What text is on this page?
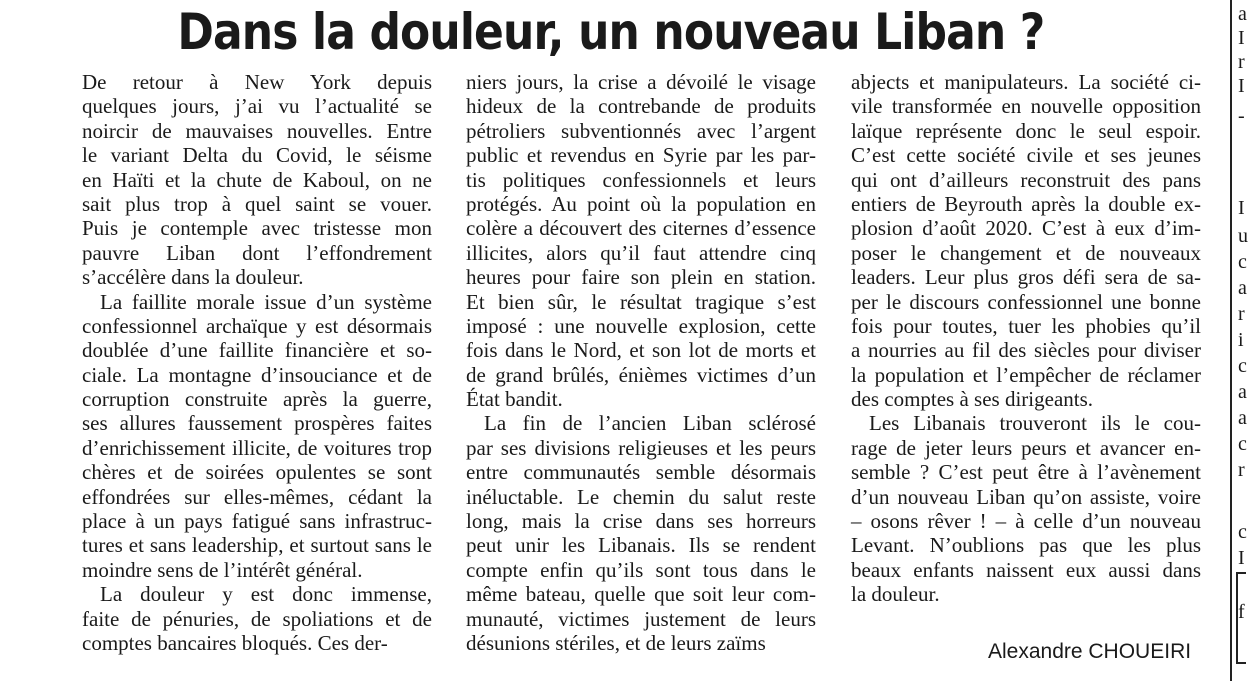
Dans la douleur, un nouveau Liban ?
De retour à New York depuis
quelques jours, j’ai vu l’actualité se
noircir de mauvaises nouvelles. Entre
le variant Delta du Covid, le séisme
en Haïti et la chute de Kaboul, on ne
sait plus trop à quel saint se vouer.
Puis je contemple avec tristesse mon
pauvre Liban dont l’effondrement
s’accélère dans la douleur.
La faillite morale issue d’un système
confessionnel archaïque y est désormais
doublée d’une faillite financière et so-
ciale. La montagne d’insouciance et de
corruption construite après la guerre,
ses allures faussement prospères faites
d’enrichissement illicite, de voitures trop
chères et de soirées opulentes se sont
effondrées sur elles-mêmes, cédant la
place à un pays fatigué sans infrastruc-
tures et sans leadership, et surtout sans le
moindre sens de l’intérêt général.
La douleur y est donc immense,
faite de pénuries, de spoliations et de
comptes bancaires bloqués. Ces der-
niers jours, la crise a dévoilé le visage
hideux de la contrebande de produits
pétroliers subventionnés avec l’argent
public et revendus en Syrie par les par-
tis politiques confessionnels et leurs
protégés. Au point où la population en
colère a découvert des citernes d’essence
illicites, alors qu’il faut attendre cinq
heures pour faire son plein en station.
Et bien sûr, le résultat tragique s’est
imposé : une nouvelle explosion, cette
fois dans le Nord, et son lot de morts et
de grand brûlés, énièmes victimes d’un
État bandit.
La fin de l’ancien Liban sclérosé
par ses divisions religieuses et les peurs
entre communautés semble désormais
inéluctable. Le chemin du salut reste
long, mais la crise dans ses horreurs
peut unir les Libanais. Ils se rendent
compte enfin qu’ils sont tous dans le
même bateau, quelle que soit leur com-
munauté, victimes justement de leurs
désunions stériles, et de leurs zaïms
abjects et manipulateurs. La société ci-
vile transformée en nouvelle opposition
laïque représente donc le seul espoir.
C’est cette société civile et ses jeunes
qui ont d’ailleurs reconstruit des pans
entiers de Beyrouth après la double ex-
plosion d’août 2020. C’est à eux d’im-
poser le changement et de nouveaux
leaders. Leur plus gros défi sera de sa-
per le discours confessionnel une bonne
fois pour toutes, tuer les phobies qu’il
a nourries au fil des siècles pour diviser
la population et l’empêcher de réclamer
des comptes à ses dirigeants.
Les Libanais trouveront ils le cou-
rage de jeter leurs peurs et avancer en-
semble ? C’est peut être à l’avènement
d’un nouveau Liban qu’on assiste, voire
– osons rêver ! – à celle d’un nouveau
Levant. N’oublions pas que les plus
beaux enfants naissent eux aussi dans
la douleur.
Alexandre CHOUEIRI
a
I
r
I
-
I
u
c
a
r
i
c
a
a
c
r
c
I
f
